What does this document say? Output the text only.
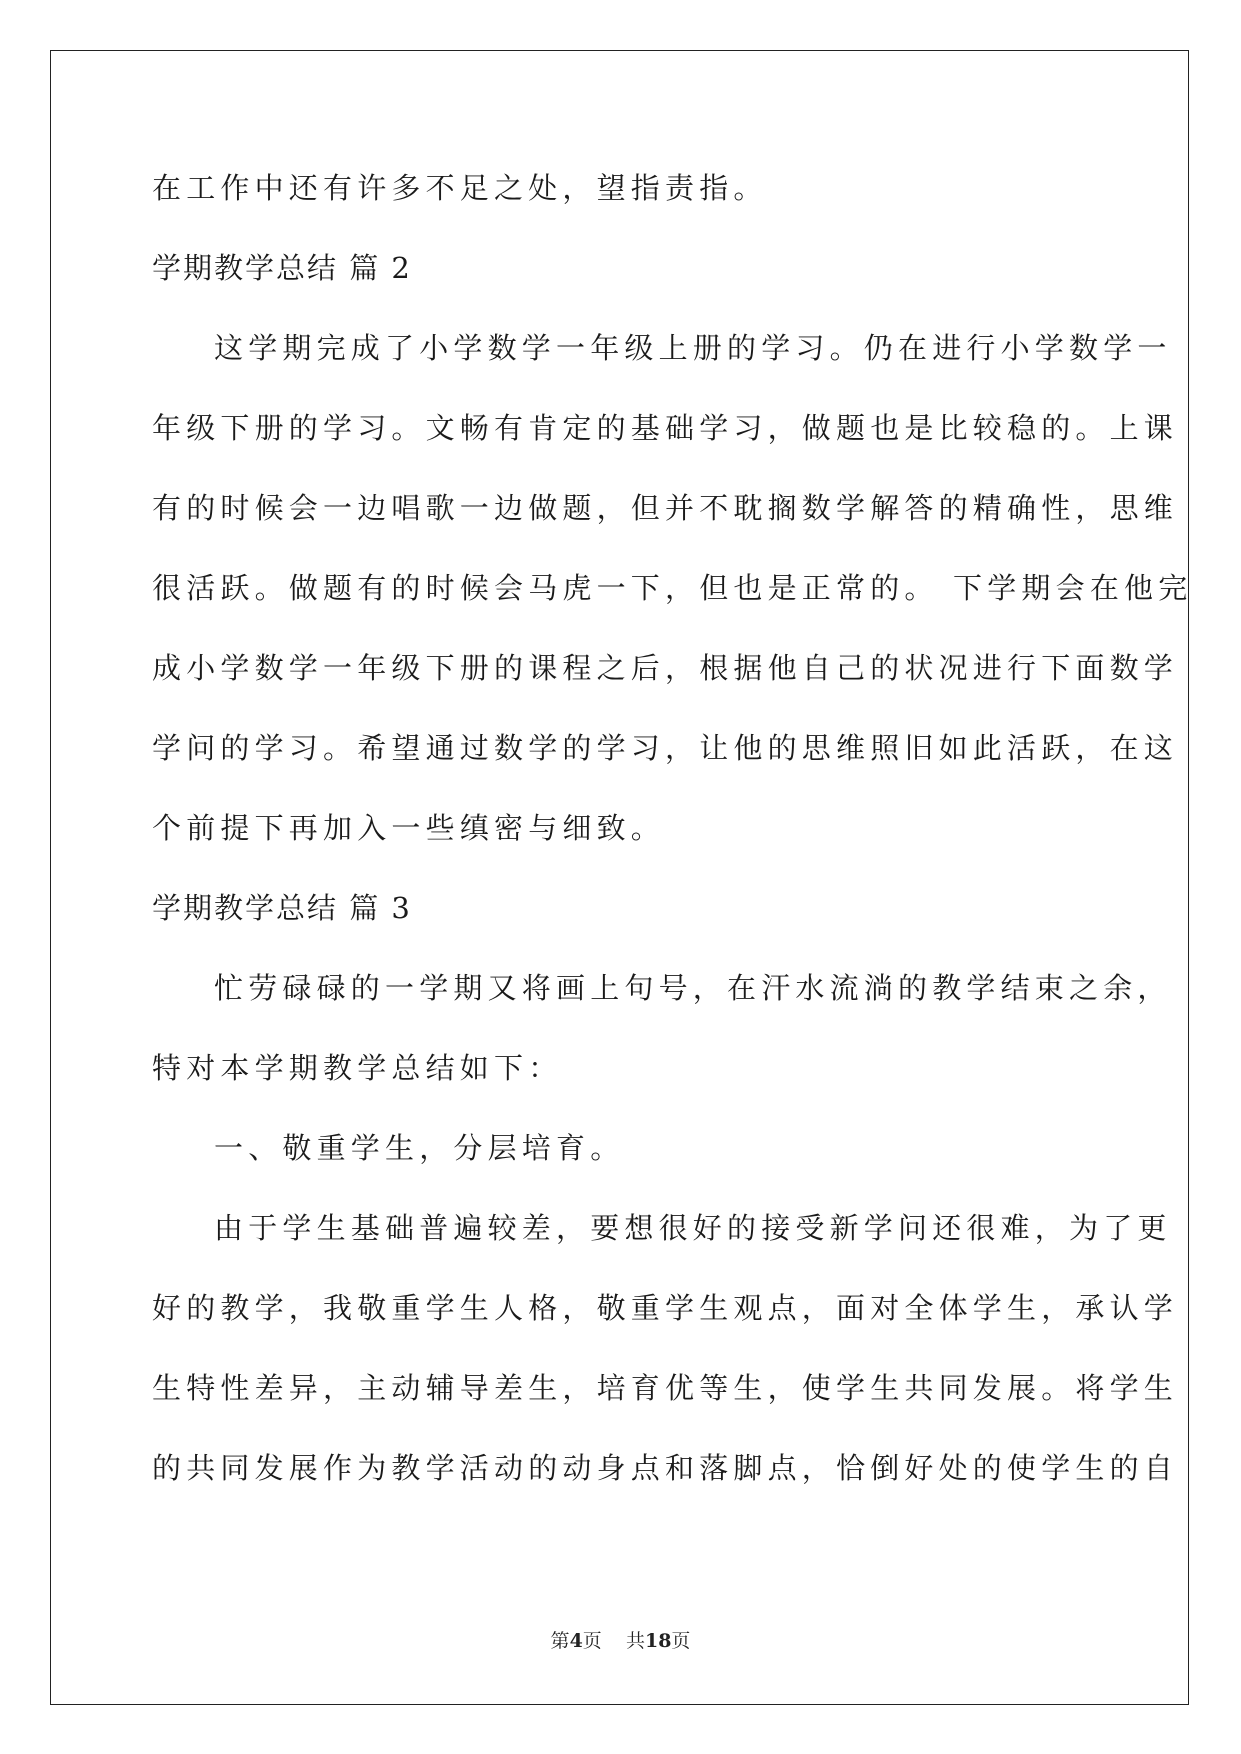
在工作中还有许多不足之处，望指责指。
学期教学总结 篇 2
这学期完成了小学数学一年级上册的学习。仍在进行小学数学一
年级下册的学习。文畅有肯定的基础学习，做题也是比较稳的。上课
有的时候会一边唱歌一边做题，但并不耽搁数学解答的精确性，思维
很活跃。做题有的时候会马虎一下，但也是正常的。 下学期会在他完
成小学数学一年级下册的课程之后，根据他自己的状况进行下面数学
学问的学习。希望通过数学的学习，让他的思维照旧如此活跃，在这
个前提下再加入一些缜密与细致。
学期教学总结 篇 3
忙劳碌碌的一学期又将画上句号，在汗水流淌的教学结束之余，
特对本学期教学总结如下：
一、敬重学生，分层培育。
由于学生基础普遍较差，要想很好的接受新学问还很难，为了更
好的教学，我敬重学生人格，敬重学生观点，面对全体学生，承认学
生特性差异，主动辅导差生，培育优等生，使学生共同发展。将学生
的共同发展作为教学活动的动身点和落脚点，恰倒好处的使学生的自
第4页    共18页
